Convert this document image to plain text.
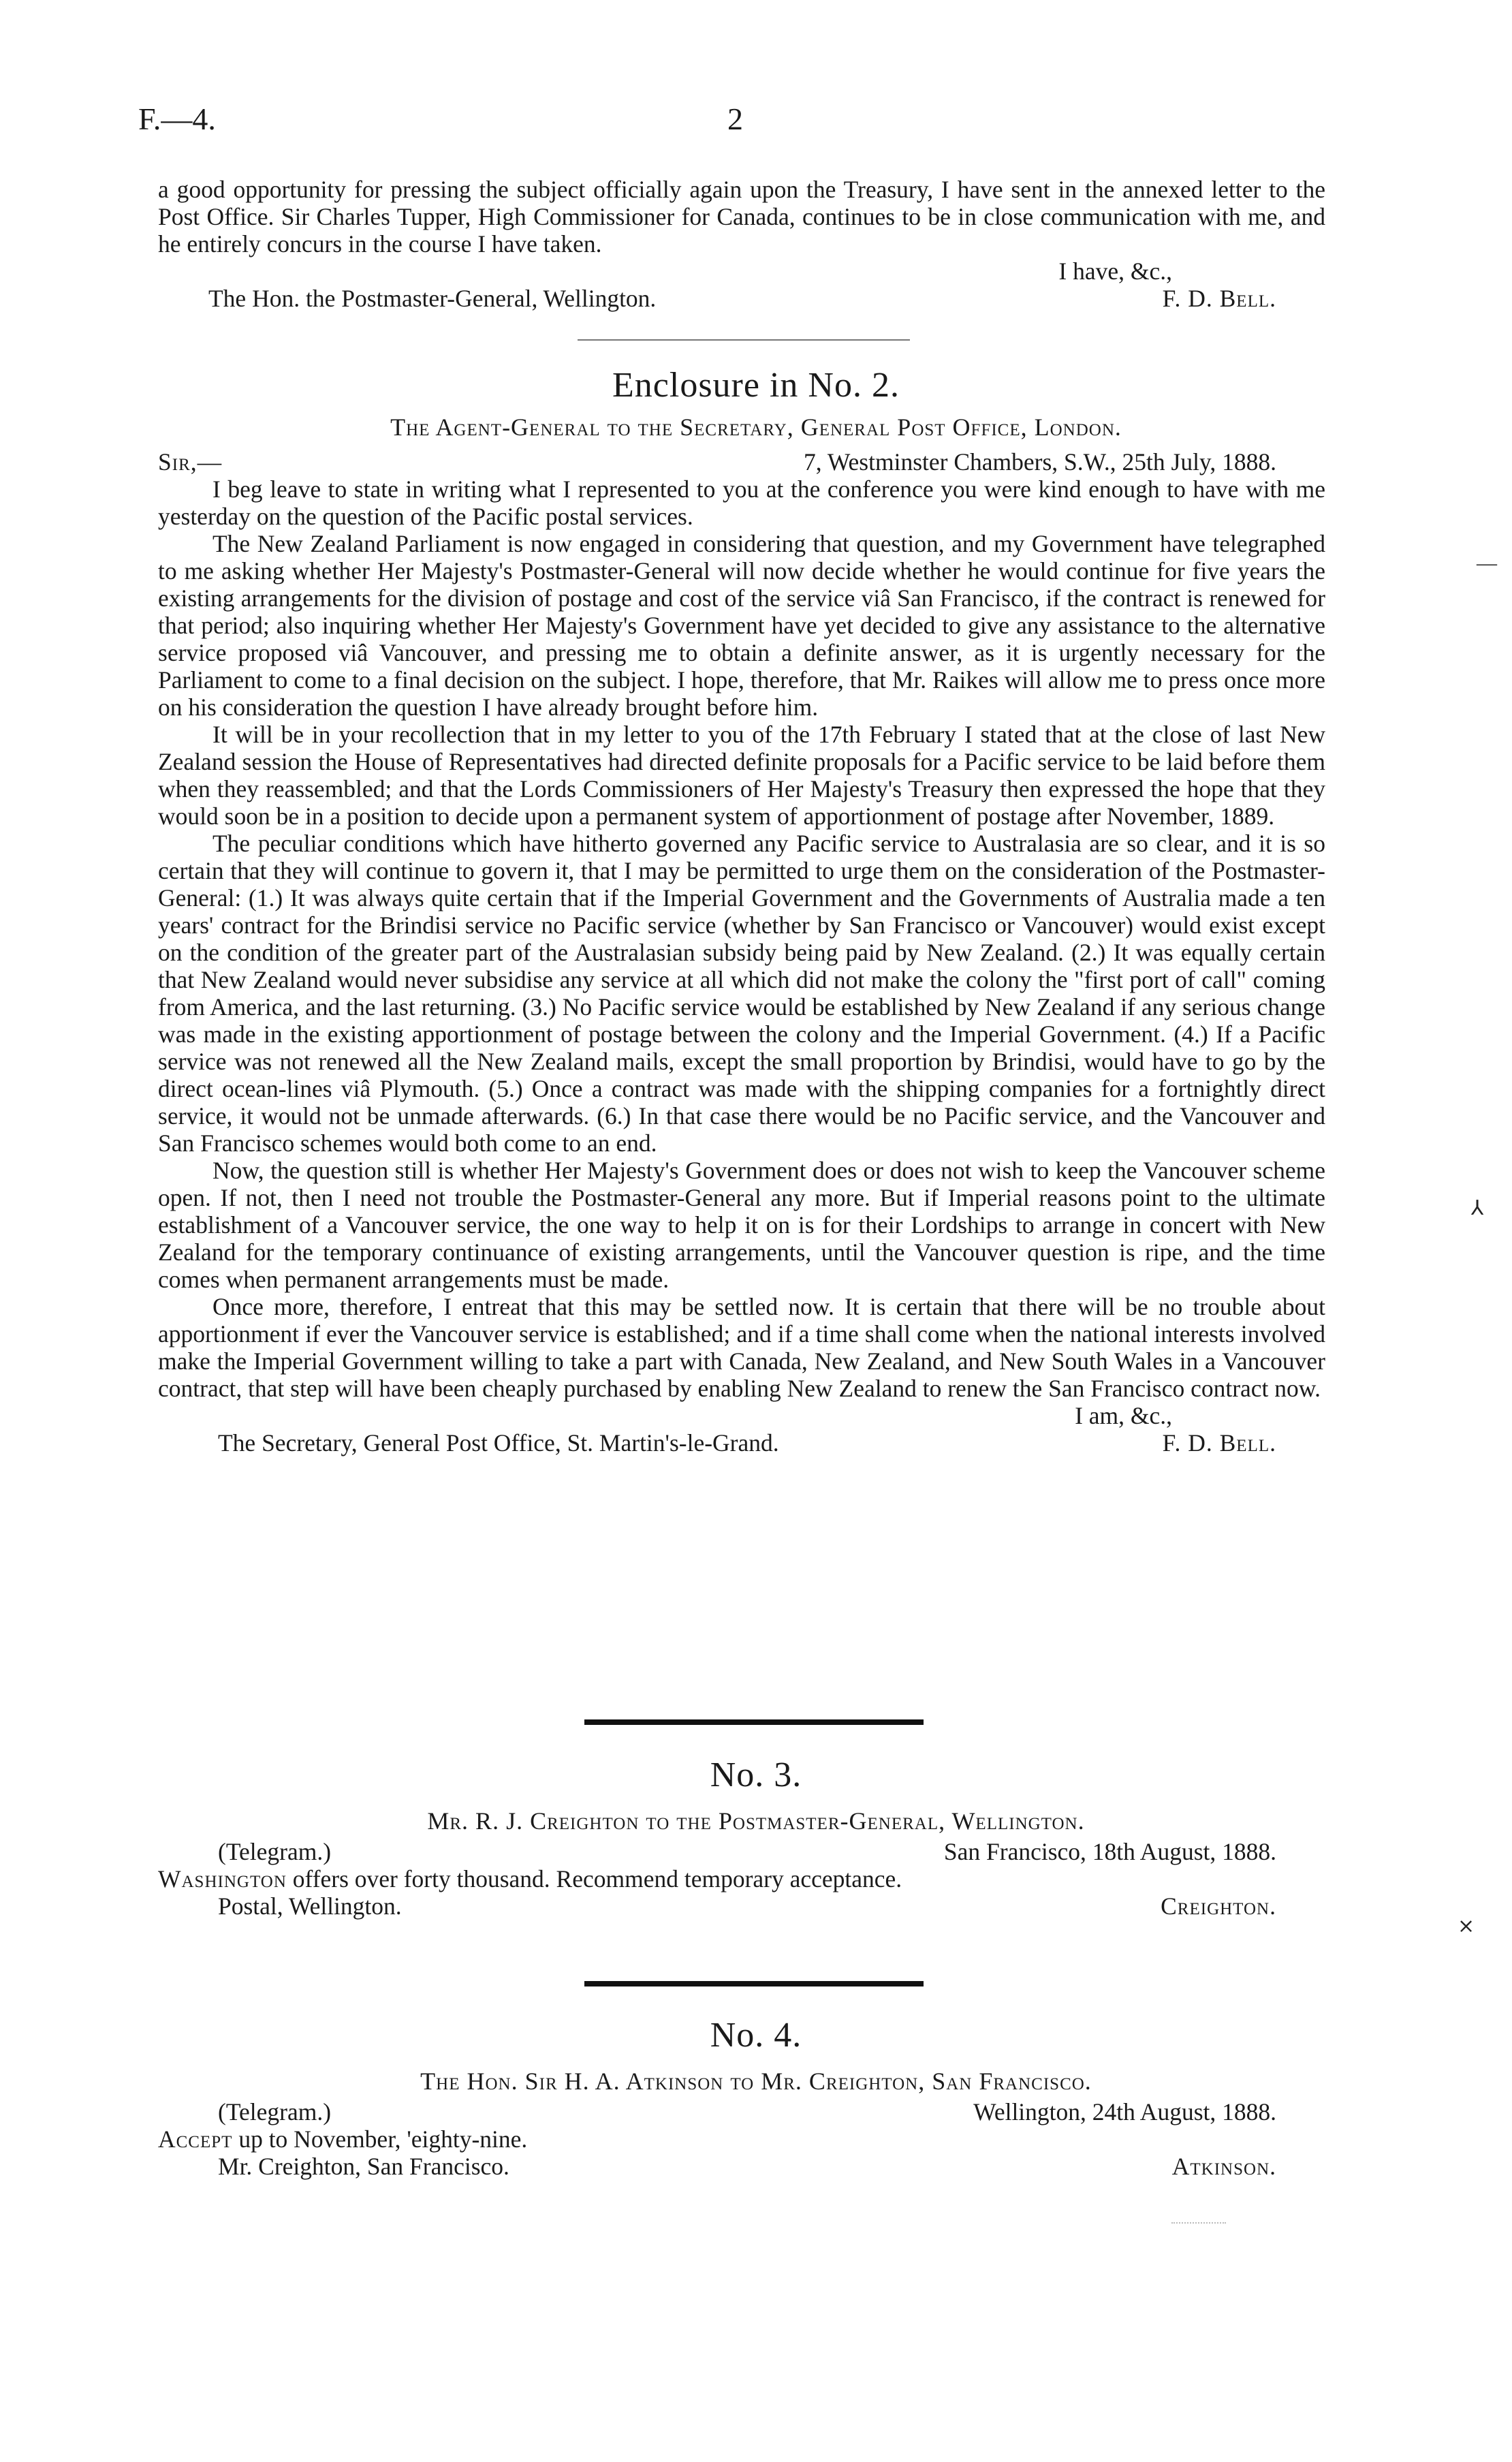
F.—4.	2

a good opportunity for pressing the subject officially again upon the Treasury, I have sent in the annexed letter to the Post Office. Sir Charles Tupper, High Commissioner for Canada, continues to be in close communication with me, and he entirely concurs in the course I have taken.

I have, &c.,
The Hon. the Postmaster-General, Wellington.	F. D. Bell.
Enclosure in No. 2.
The Agent-General to the Secretary, General Post Office, London.
Sir,—	7, Westminster Chambers, S.W., 25th July, 1888.

I beg leave to state in writing what I represented to you at the conference you were kind enough to have with me yesterday on the question of the Pacific postal services.

The New Zealand Parliament is now engaged in considering that question, and my Government have telegraphed to me asking whether Her Majesty's Postmaster-General will now decide whether he would continue for five years the existing arrangements for the division of postage and cost of the service viâ San Francisco, if the contract is renewed for that period; also inquiring whether Her Majesty's Government have yet decided to give any assistance to the alternative service proposed viâ Vancouver, and pressing me to obtain a definite answer, as it is urgently necessary for the Parliament to come to a final decision on the subject. I hope, therefore, that Mr. Raikes will allow me to press once more on his consideration the question I have already brought before him.

It will be in your recollection that in my letter to you of the 17th February I stated that at the close of last New Zealand session the House of Representatives had directed definite proposals for a Pacific service to be laid before them when they reassembled; and that the Lords Commissioners of Her Majesty's Treasury then expressed the hope that they would soon be in a position to decide upon a permanent system of apportionment of postage after November, 1889.

The peculiar conditions which have hitherto governed any Pacific service to Australasia are so clear, and it is so certain that they will continue to govern it, that I may be permitted to urge them on the consideration of the Postmaster-General: (1.) It was always quite certain that if the Imperial Government and the Governments of Australia made a ten years' contract for the Brindisi service no Pacific service (whether by San Francisco or Vancouver) would exist except on the condition of the greater part of the Australasian subsidy being paid by New Zealand. (2.) It was equally certain that New Zealand would never subsidise any service at all which did not make the colony the "first port of call" coming from America, and the last returning. (3.) No Pacific service would be established by New Zealand if any serious change was made in the existing apportionment of postage between the colony and the Imperial Government. (4.) If a Pacific service was not renewed all the New Zealand mails, except the small proportion by Brindisi, would have to go by the direct ocean-lines viâ Plymouth. (5.) Once a contract was made with the shipping companies for a fortnightly direct service, it would not be unmade afterwards. (6.) In that case there would be no Pacific service, and the Vancouver and San Francisco schemes would both come to an end.

Now, the question still is whether Her Majesty's Government does or does not wish to keep the Vancouver scheme open. If not, then I need not trouble the Postmaster-General any more. But if Imperial reasons point to the ultimate establishment of a Vancouver service, the one way to help it on is for their Lordships to arrange in concert with New Zealand for the temporary continuance of existing arrangements, until the Vancouver question is ripe, and the time comes when permanent arrangements must be made.

Once more, therefore, I entreat that this may be settled now. It is certain that there will be no trouble about apportionment if ever the Vancouver service is established; and if a time shall come when the national interests involved make the Imperial Government willing to take a part with Canada, New Zealand, and New South Wales in a Vancouver contract, that step will have been cheaply purchased by enabling New Zealand to renew the San Francisco contract now.

I am, &c.,
The Secretary, General Post Office, St. Martin's-le-Grand.	F. D. Bell.
No. 3.
Mr. R. J. Creighton to the Postmaster-General, Wellington.
(Telegram.)	San Francisco, 18th August, 1888.
Washington offers over forty thousand. Recommend temporary acceptance.
Postal, Wellington.	Creighton.
No. 4.
The Hon. Sir H. A. Atkinson to Mr. Creighton, San Francisco.
(Telegram.)	Wellington, 24th August, 1888.
Accept up to November, 'eighty-nine.
Mr. Creighton, San Francisco.	Atkinson.
—
⅄
⨯
